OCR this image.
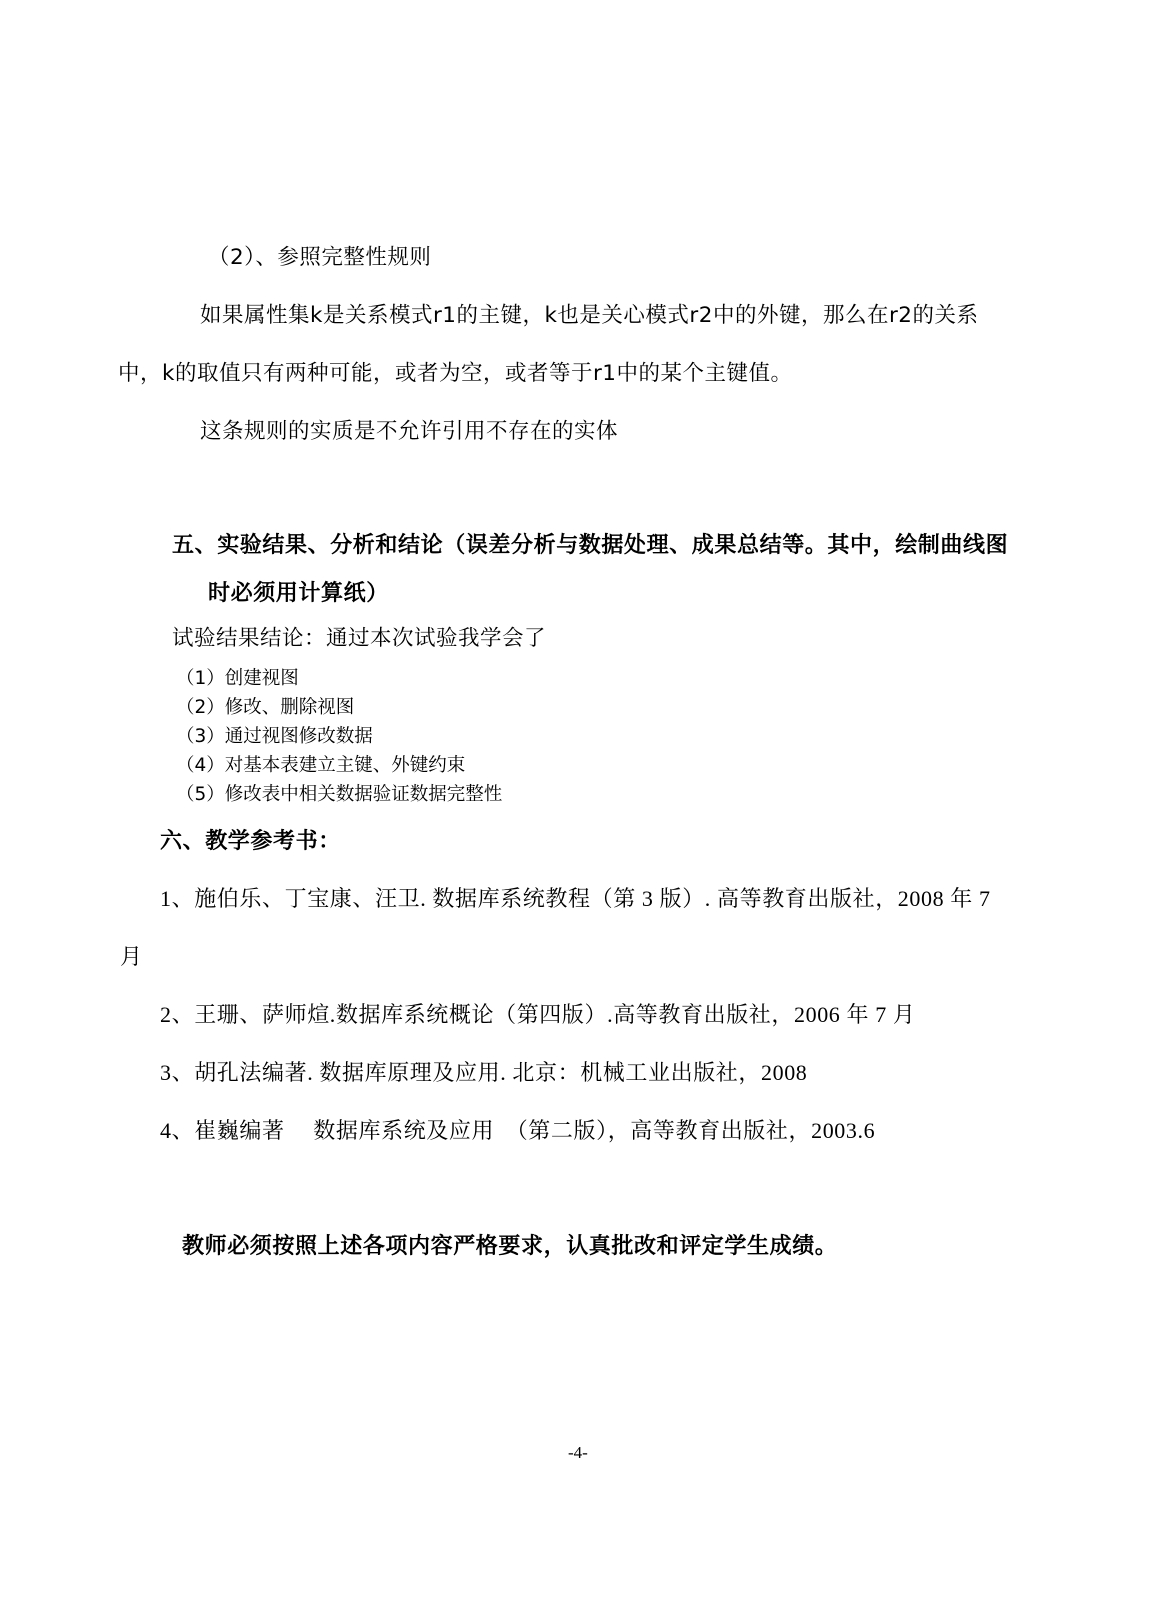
（2）、参照完整性规则

如果属性集k是关系模式r1的主键，k也是关心模式r2中的外键，那么在r2的关系

中，k的取值只有两种可能，或者为空，或者等于r1中的某个主键值。

这条规则的实质是不允许引用不存在的实体

五、实验结果、分析和结论（误差分析与数据处理、成果总结等。其中，绘制曲线图

时必须用计算纸）

试验结果结论：通过本次试验我学会了

（1）创建视图

（2）修改、删除视图

（3）通过视图修改数据

（4）对基本表建立主键、外键约束

（5）修改表中相关数据验证数据完整性

六、教学参考书：

1、施伯乐、丁宝康、汪卫. 数据库系统教程（第 3 版）. 高等教育出版社，2008 年 7

月

2、王珊、萨师煊.数据库系统概论（第四版）.高等教育出版社，2006 年 7 月

3、胡孔法编著. 数据库原理及应用. 北京：机械工业出版社，2008

4、崔巍编著　 数据库系统及应用　（第二版），高等教育出版社，2003.6

教师必须按照上述各项内容严格要求，认真批改和评定学生成绩。

-4-
